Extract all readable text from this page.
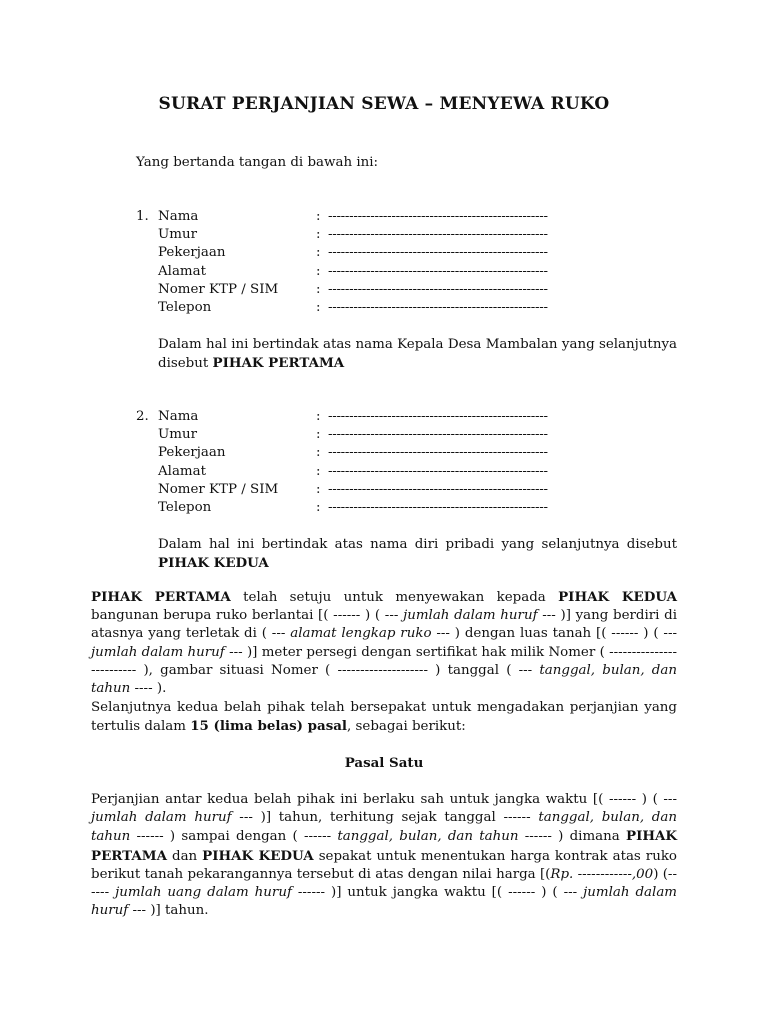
SURAT PERJANJIAN SEWA – MENYEWA RUKO
Yang bertanda tangan di bawah ini:
1. Nama	: ----------------------------------------------------
Umur	: ----------------------------------------------------
Pekerjaan	: ----------------------------------------------------
Alamat	: ----------------------------------------------------
Nomer KTP / SIM	: ----------------------------------------------------
Telepon	: ----------------------------------------------------
Dalam hal ini bertindak atas nama Kepala Desa Mambalan yang selanjutnya disebut PIHAK PERTAMA
2. Nama	: ----------------------------------------------------
Umur	: ----------------------------------------------------
Pekerjaan	: ----------------------------------------------------
Alamat	: ----------------------------------------------------
Nomer KTP / SIM	: ----------------------------------------------------
Telepon	: ----------------------------------------------------
Dalam hal ini bertindak atas nama diri pribadi yang selanjutnya disebut PIHAK KEDUA
PIHAK PERTAMA telah setuju untuk menyewakan kepada PIHAK KEDUA bangunan berupa ruko berlantai [( ------ ) ( --- jumlah dalam huruf --- )] yang berdiri di atasnya yang terletak di ( --- alamat lengkap ruko --- ) dengan luas tanah [( ------ ) ( --- jumlah dalam huruf --- )] meter persegi dengan sertifikat hak milik Nomer ( ------------------------- ), gambar situasi Nomer ( -------------------- ) tanggal ( --- tanggal, bulan, dan tahun ---- ).
Selanjutnya kedua belah pihak telah bersepakat untuk mengadakan perjanjian yang tertulis dalam 15 (lima belas) pasal, sebagai berikut:
Pasal Satu
Perjanjian antar kedua belah pihak ini berlaku sah untuk jangka waktu [( ------ ) ( --- jumlah dalam huruf --- )] tahun, terhitung sejak tanggal ------ tanggal, bulan, dan tahun ------ ) sampai dengan ( ------ tanggal, bulan, dan tahun ------ ) dimana PIHAK PERTAMA dan PIHAK KEDUA sepakat untuk menentukan harga kontrak atas ruko berikut tanah pekarangannya tersebut di atas dengan nilai harga [(Rp. ------------,00) (------ jumlah uang dalam huruf ------ )] untuk jangka waktu [( ------ ) ( --- jumlah dalam huruf --- )] tahun.
